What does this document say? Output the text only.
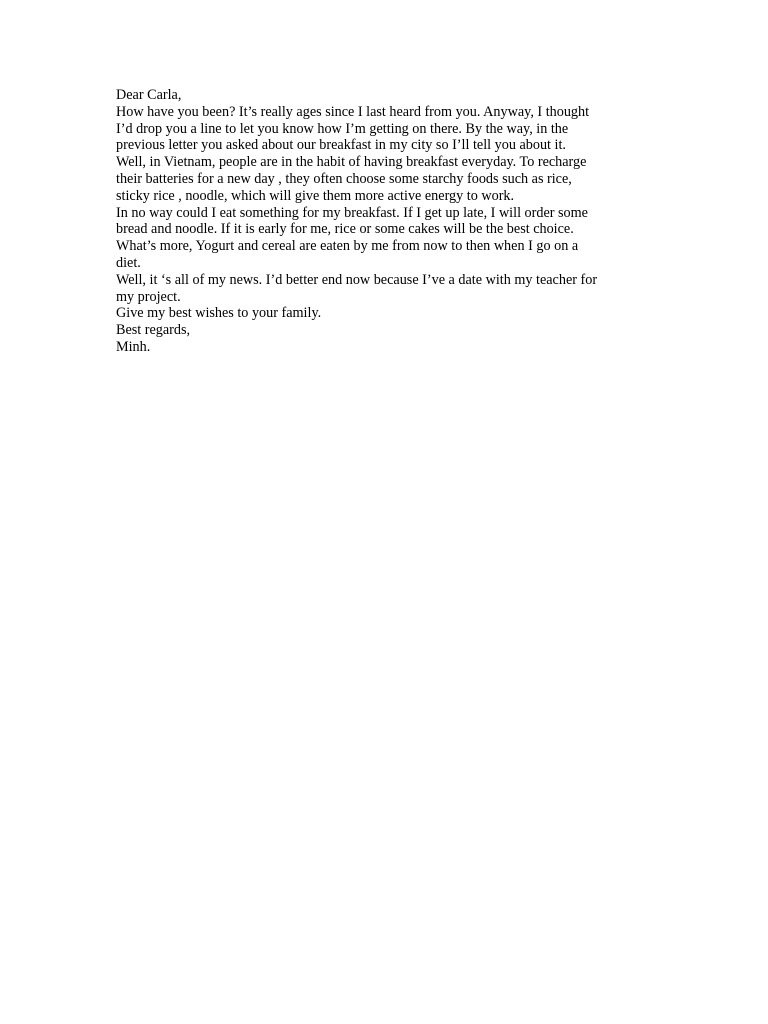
Dear Carla,
How have you been? It’s really ages since I last heard from you. Anyway, I thought
I’d drop you a line to let you know how I’m getting on there. By the way, in the
previous letter you asked about our breakfast in my city so I’ll tell you about it.
Well, in Vietnam, people are in the habit of having breakfast everyday. To recharge
their batteries for a new day , they often choose some starchy foods such as rice,
sticky rice , noodle, which will give them more active energy to work.
In no way could I eat something for my breakfast. If I get up late, I will order some
bread and noodle. If it is early for me, rice or some cakes will be the best choice.
What’s more, Yogurt and cereal are eaten by me from now to then when I go on a
diet.
Well, it ‘s all of my news. I’d better end now because I’ve a date with my teacher for
my project.
Give my best wishes to your family.
Best regards,
Minh.
